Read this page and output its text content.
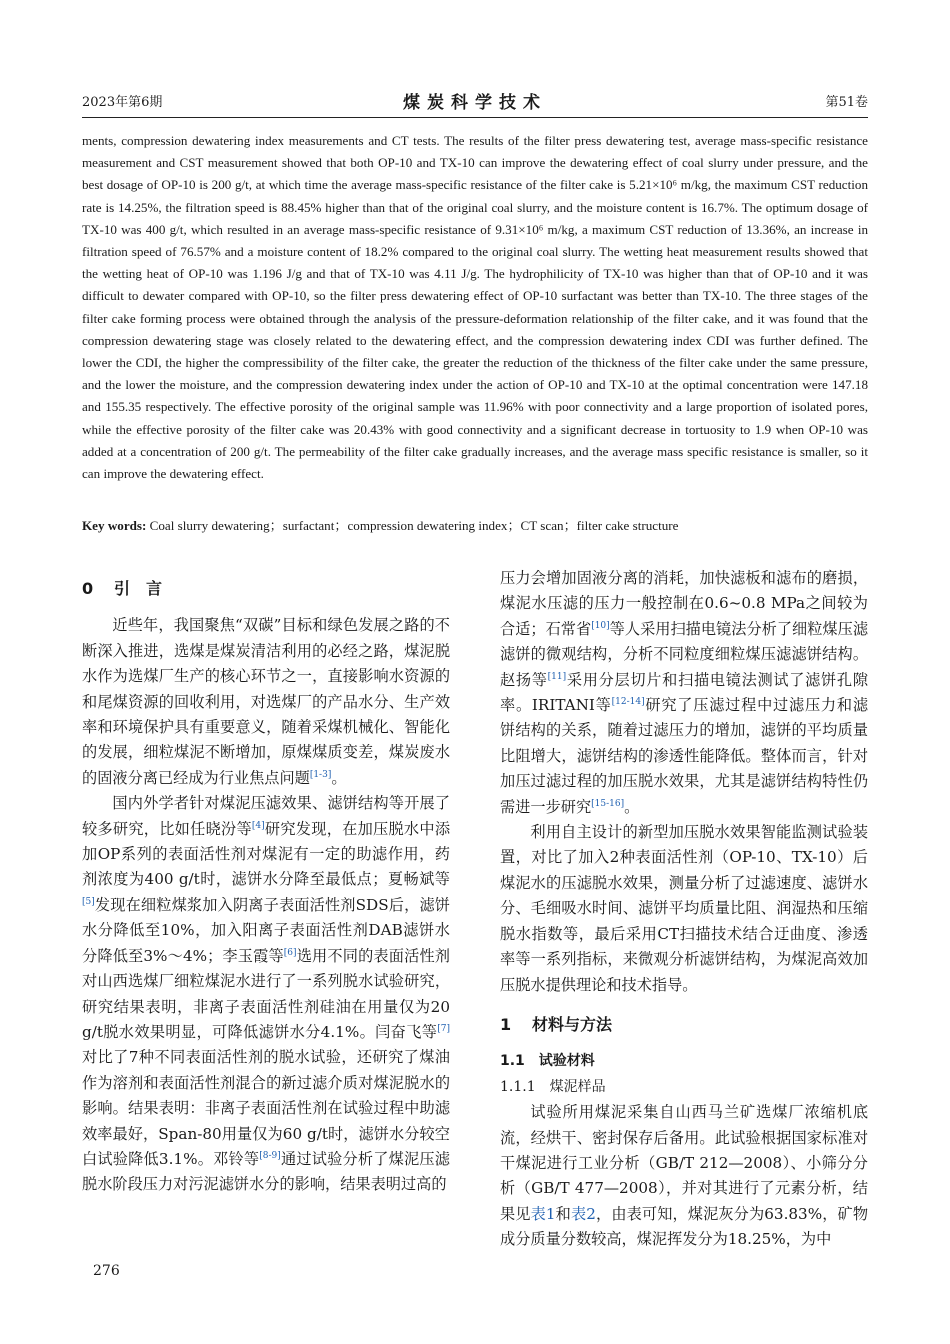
2023年第6期	煤炭科学技术	第51卷

ments, compression dewatering index measurements and CT tests. The results of the filter press dewatering test, average mass-specific resistance measurement and CST measurement showed that both OP-10 and TX-10 can improve the dewatering effect of coal slurry under pressure, and the best dosage of OP-10 is 200 g/t, at which time the average mass-specific resistance of the filter cake is 5.21×10⁶ m/kg, the maximum CST reduction rate is 14.25%, the filtration speed is 88.45% higher than that of the original coal slurry, and the moisture content is 16.7%. The optimum dosage of TX-10 was 400 g/t, which resulted in an average mass-specific resistance of 9.31×10⁶ m/kg, a maximum CST reduction of 13.36%, an increase in filtration speed of 76.57% and a moisture content of 18.2% compared to the original coal slurry. The wetting heat measurement results showed that the wetting heat of OP-10 was 1.196 J/g and that of TX-10 was 4.11 J/g. The hydrophilicity of TX-10 was higher than that of OP-10 and it was difficult to dewater compared with OP-10, so the filter press dewatering effect of OP-10 surfactant was better than TX-10. The three stages of the filter cake forming process were obtained through the analysis of the pressure-deformation relationship of the filter cake, and it was found that the compression dewatering stage was closely related to the dewatering effect, and the compression dewatering index CDI was further defined. The lower the CDI, the higher the compressibility of the filter cake, the greater the reduction of the thickness of the filter cake under the same pressure, and the lower the moisture, and the compression dewatering index under the action of OP-10 and TX-10 at the optimal concentration were 147.18 and 155.35 respectively. The effective porosity of the original sample was 11.96% with poor connectivity and a large proportion of isolated pores, while the effective porosity of the filter cake was 20.43% with good connectivity and a significant decrease in tortuosity to 1.9 when OP-10 was added at a concentration of 200 g/t. The permeability of the filter cake gradually increases, and the average mass specific resistance is smaller, so it can improve the dewatering effect.

Key words: Coal slurry dewatering；surfactant；compression dewatering index；CT scan；filter cake structure
0 引　言

近些年，我国聚焦“双碳”目标和绿色发展之路的不断深入推进，选煤是煤炭清洁利用的必经之路，煤泥脱水作为选煤厂生产的核心环节之一，直接影响水资源的和尾煤资源的回收利用，对选煤厂的产品水分、生产效率和环境保护具有重要意义，随着采煤机械化、智能化的发展，细粒煤泥不断增加，原煤煤质变差，煤炭废水的固液分离已经成为行业焦点问题[1-3]。

国内外学者针对煤泥压滤效果、滤饼结构等开展了较多研究，比如任晓汾等[4]研究发现，在加压脱水中添加OP系列的表面活性剂对煤泥有一定的助滤作用，药剂浓度为400 g/t时，滤饼水分降至最低点；夏畅斌等[5]发现在细粒煤浆加入阴离子表面活性剂SDS后，滤饼水分降低至10%，加入阳离子表面活性剂DAB滤饼水分降低至3%～4%；李玉霞等[6]选用不同的表面活性剂对山西选煤厂细粒煤泥水进行了一系列脱水试验研究，研究结果表明，非离子表面活性剂硅油在用量仅为20 g/t脱水效果明显，可降低滤饼水分4.1%。闫奋飞等[7]对比了7种不同表面活性剂的脱水试验，还研究了煤油作为溶剂和表面活性剂混合的新过滤介质对煤泥脱水的影响。结果表明：非离子表面活性剂在试验过程中助滤效率最好，Span-80用量仅为60 g/t时，滤饼水分较空白试验降低3.1%。邓铃等[8-9]通过试验分析了煤泥压滤脱水阶段压力对污泥滤饼水分的影响，结果表明过高的

压力会增加固液分离的消耗，加快滤板和滤布的磨损，煤泥水压滤的压力一般控制在0.6~0.8 MPa之间较为合适；石常省[10]等人采用扫描电镜法分析了细粒煤压滤滤饼的微观结构，分析不同粒度细粒煤压滤滤饼结构。赵扬等[11]采用分层切片和扫描电镜法测试了滤饼孔隙率。IRITANI等[12-14]研究了压滤过程中过滤压力和滤饼结构的关系，随着过滤压力的增加，滤饼的平均质量比阻增大，滤饼结构的渗透性能降低。整体而言，针对加压过滤过程的加压脱水效果，尤其是滤饼结构特性仍需进一步研究[15-16]。

利用自主设计的新型加压脱水效果智能监测试验装置，对比了加入2种表面活性剂（OP-10、TX-10）后煤泥水的压滤脱水效果，测量分析了过滤速度、滤饼水分、毛细吸水时间、滤饼平均质量比阻、润湿热和压缩脱水指数等，最后采用CT扫描技术结合迂曲度、渗透率等一系列指标，来微观分析滤饼结构，为煤泥高效加压脱水提供理论和技术指导。

1 材料与方法
1.1　试验材料
1.1.1　煤泥样品

试验所用煤泥采集自山西马兰矿选煤厂浓缩机底流，经烘干、密封保存后备用。此试验根据国家标准对干煤泥进行工业分析（GB/T 212—2008）、小筛分分析（GB/T 477—2008），并对其进行了元素分析，结果见表1和表2，由表可知，煤泥灰分为63.83%，矿物成分质量分数较高，煤泥挥发分为18.25%，为中

276
